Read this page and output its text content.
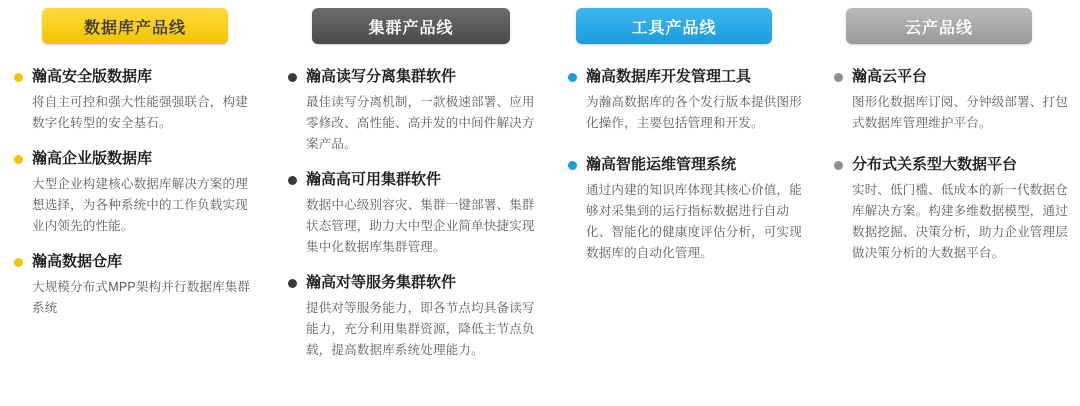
数据库产品线
瀚高安全版数据库
将自主可控和强大性能强强联合，构建数字化转型的安全基石。
瀚高企业版数据库
大型企业构建核心数据库解决方案的理想选择，为各种系统中的工作负载实现业内领先的性能。
瀚高数据仓库
大规模分布式MPP架构并行数据库集群系统
集群产品线
瀚高读写分离集群软件
最佳读写分离机制，一款极速部署、应用零修改、高性能、高并发的中间件解决方案产品。
瀚高高可用集群软件
数据中心级别容灾、集群一键部署、集群状态管理，助力大中型企业简单快捷实现集中化数据库集群管理。
瀚高对等服务集群软件
提供对等服务能力，即各节点均具备读写能力，充分利用集群资源，降低主节点负载，提高数据库系统处理能力。
工具产品线
瀚高数据库开发管理工具
为瀚高数据库的各个发行版本提供图形化操作，主要包括管理和开发。
瀚高智能运维管理系统
通过内建的知识库体现其核心价值，能够对采集到的运行指标数据进行自动化、智能化的健康度评估分析，可实现数据库的自动化管理。
云产品线
瀚高云平台
图形化数据库订阅、分钟级部署、打包式数据库管理维护平台。
分布式关系型大数据平台
实时、低门槛、低成本的新一代数据仓库解决方案。构建多维数据模型，通过数据挖掘、决策分析，助力企业管理层做决策分析的大数据平台。
